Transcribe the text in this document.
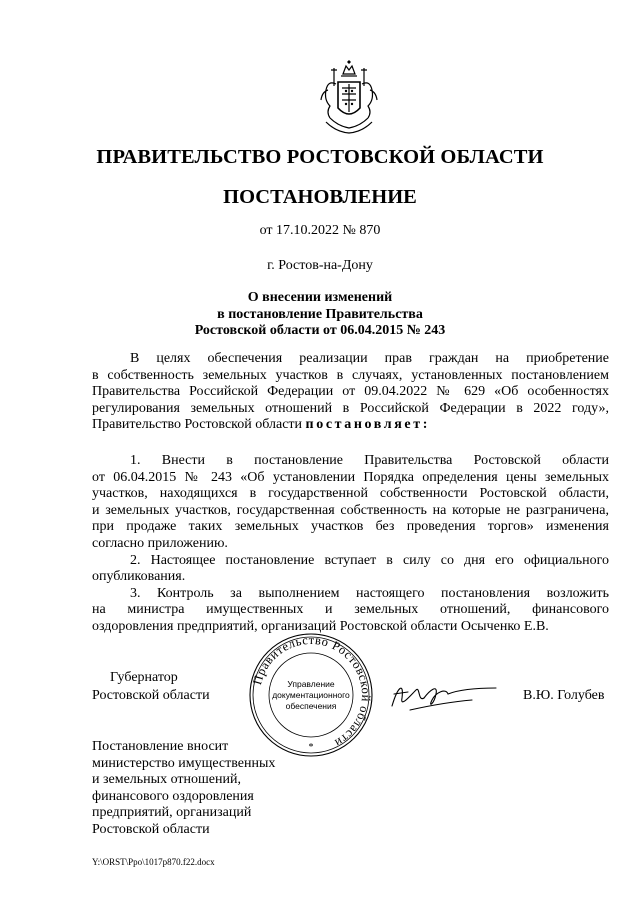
ПРАВИТЕЛЬСТВО РОСТОВСКОЙ ОБЛАСТИ
ПОСТАНОВЛЕНИЕ
от 17.10.2022 № 870
г. Ростов-на-Дону
О внесении изменений
в постановление Правительства
Ростовской области от 06.04.2015 № 243
В целях обеспечения реализации прав граждан на приобретение
в собственность земельных участков в случаях, установленных постановлением
Правительства Российской Федерации от 09.04.2022 № 629 «Об особенностях
регулирования земельных отношений в Российской Федерации в 2022 году»,
Правительство Ростовской области постановляет:
1. Внести в постановление Правительства Ростовской области
от 06.04.2015 № 243 «Об установлении Порядка определения цены земельных
участков, находящихся в государственной собственности Ростовской области,
и земельных участков, государственная собственность на которые не разграничена,
при продаже таких земельных участков без проведения торгов» изменения
согласно приложению.
2. Настоящее постановление вступает в силу со дня его официального
опубликования.
3. Контроль за выполнением настоящего постановления возложить
на министра имущественных и земельных отношений, финансового
оздоровления предприятий, организаций Ростовской области Осыченко Е.В.
Губернатор
Ростовской области
Правительство Ростовской области
Управление
документационного
обеспечения
*
В.Ю. Голубев
Постановление вносит
министерство имущественных
и земельных отношений,
финансового оздоровления
предприятий, организаций
Ростовской области
Y:\ORST\Ppo\1017p870.f22.docx
